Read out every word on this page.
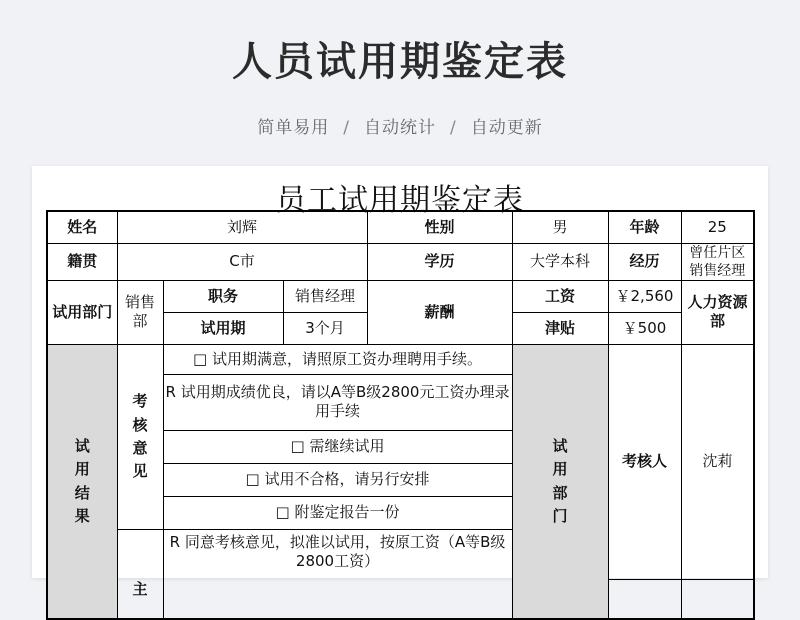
人员试用期鉴定表
简单易用 / 自动统计 / 自动更新
员工试用期鉴定表
姓名	刘辉			性别	男	年龄	25	
籍贯	C市			学历	大学本科	经历	曾任片区销售经理	
试用部门	销售部	职务	销售经理	薪酬	工资	￥2,560	人力资源部	
		试用期	3个月		津贴	￥500		
试用结果	考核意见	□ 试用期满意，请照原工资办理聘用手续。			试用部门	考核人	沈莉	
		R 试用期成绩优良，请以A等B级2800元工资办理录用手续						
		□ 需继续试用						
		□ 试用不合格，请另行安排						
		□ 附鉴定报告一份						
	主	R 同意考核意见，拟准以试用，按原工资（A等B级2800工资）						
